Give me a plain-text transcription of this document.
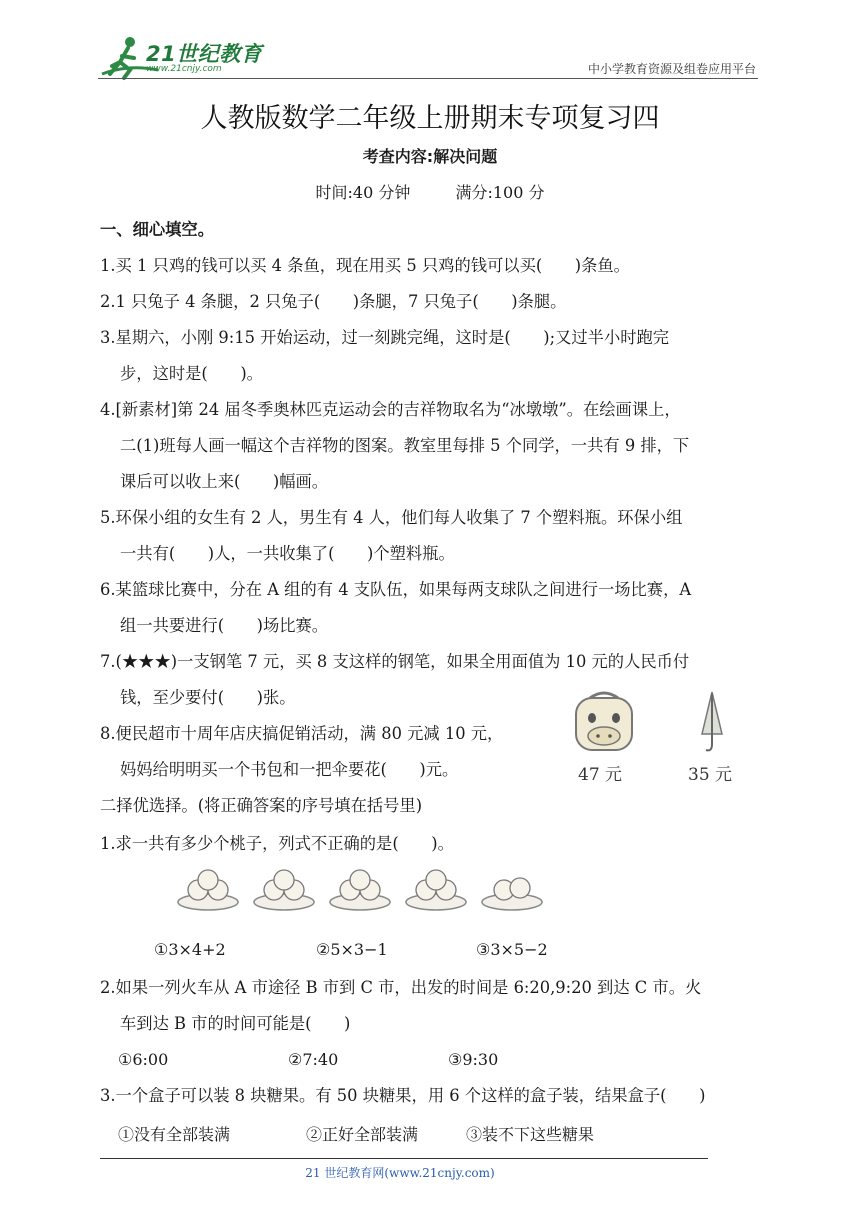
21世纪教育
www.21cnjy.com	中小学教育资源及组卷应用平台
人教版数学二年级上册期末专项复习四
考查内容:解决问题
时间:40 分钟	满分:100 分
一、细心填空。
1.买 1 只鸡的钱可以买 4 条鱼，现在用买 5 只鸡的钱可以买(　　)条鱼。
2.1 只兔子 4 条腿，2 只兔子(　　)条腿，7 只兔子(　　)条腿。
3.星期六，小刚 9:15 开始运动，过一刻跳完绳，这时是(　　);又过半小时跑完
步，这时是(　　)。
4.[新素材]第 24 届冬季奥林匹克运动会的吉祥物取名为“冰墩墩”。在绘画课上，
二(1)班每人画一幅这个吉祥物的图案。教室里每排 5 个同学，一共有 9 排，下
课后可以收上来(　　)幅画。
5.环保小组的女生有 2 人，男生有 4 人，他们每人收集了 7 个塑料瓶。环保小组
一共有(　　)人，一共收集了(　　)个塑料瓶。
6.某篮球比赛中，分在 A 组的有 4 支队伍，如果每两支球队之间进行一场比赛，A
组一共要进行(　　)场比赛。
7.(★★★)一支钢笔 7 元，买 8 支这样的钢笔，如果全用面值为 10 元的人民币付
钱，至少要付(　　)张。
8.便民超市十周年店庆搞促销活动，满 80 元减 10 元，
妈妈给明明买一个书包和一把伞要花(　　)元。	47 元	35 元
二择优选择。(将正确答案的序号填在括号里)
1.求一共有多少个桃子，列式不正确的是(　　)。
①3×4+2	②5×3−1	③3×5−2
2.如果一列火车从 A 市途径 B 市到 C 市，出发的时间是 6:20,9:20 到达 C 市。火
车到达 B 市的时间可能是(　　)
①6:00	②7:40	③9:30
3.一个盒子可以装 8 块糖果。有 50 块糖果，用 6 个这样的盒子装，结果盒子(　　)
①没有全部装满	②正好全部装满	③装不下这些糖果
21 世纪教育网(www.21cnjy.com)
